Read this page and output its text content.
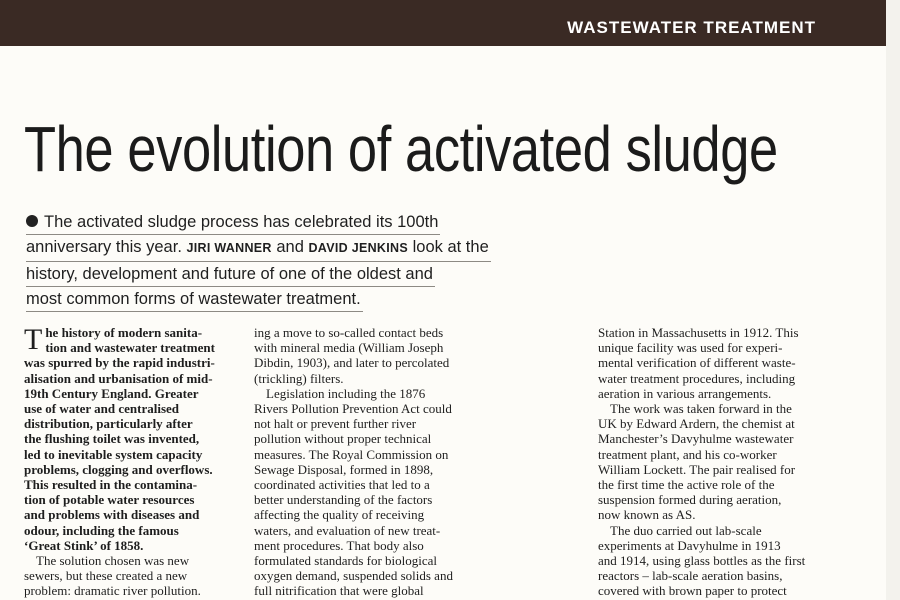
WASTEWATER TREATMENT
The evolution of activated sludge
The activated sludge process has celebrated its 100th
anniversary this year. JIRI WANNER and DAVID JENKINS look at the
history, development and future of one of the oldest and
most common forms of wastewater treatment.
T he history of modern sanita-
tion and wastewater treatment
was spurred by the rapid industri-
alisation and urbanisation of mid-
19th Century England. Greater
use of water and centralised
distribution, particularly after
the flushing toilet was invented,
led to inevitable system capacity
problems, clogging and overflows.
This resulted in the contamina-
tion of potable water resources
and problems with diseases and
odour, including the famous
‘Great Stink’ of 1858.
The solution chosen was new
sewers, but these created a new
problem: dramatic river pollution.
ing a move to so-called contact beds
with mineral media (William Joseph
Dibdin, 1903), and later to percolated
(trickling) filters.
Legislation including the 1876
Rivers Pollution Prevention Act could
not halt or prevent further river
pollution without proper technical
measures. The Royal Commission on
Sewage Disposal, formed in 1898,
coordinated activities that led to a
better understanding of the factors
affecting the quality of receiving
waters, and evaluation of new treat-
ment procedures. That body also
formulated standards for biological
oxygen demand, suspended solids and
full nitrification that were global
Station in Massachusetts in 1912. This
unique facility was used for experi-
mental verification of different waste-
water treatment procedures, including
aeration in various arrangements.
The work was taken forward in the
UK by Edward Ardern, the chemist at
Manchester’s Davyhulme wastewater
treatment plant, and his co-worker
William Lockett. The pair realised for
the first time the active role of the
suspension formed during aeration,
now known as AS.
The duo carried out lab-scale
experiments at Davyhulme in 1913
and 1914, using glass bottles as the first
reactors – lab-scale aeration basins,
covered with brown paper to protect
